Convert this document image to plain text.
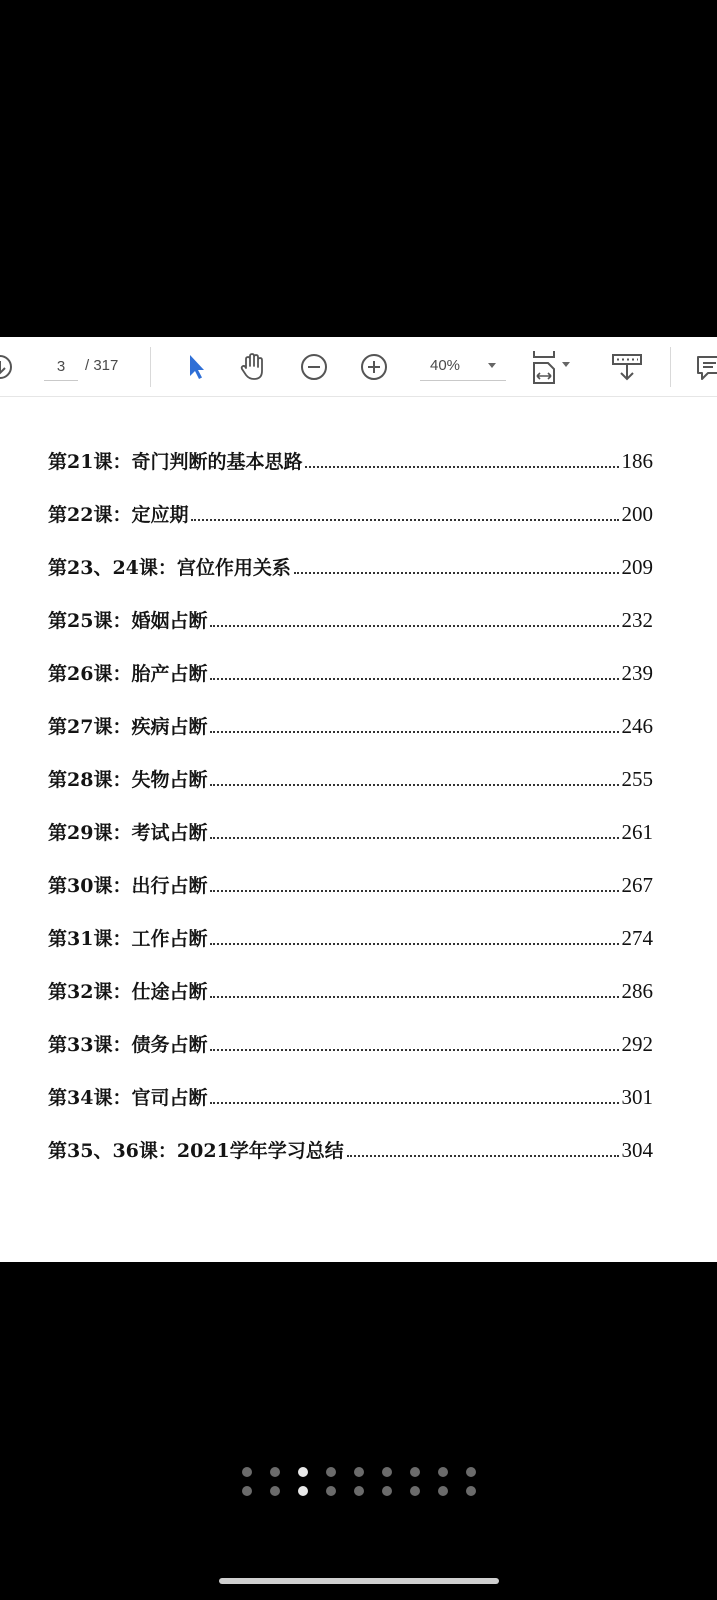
3
/ 317	40%
第21课：奇门判断的基本思路	186
第22课：定应期	200
第23、24课：宫位作用关系	209
第25课：婚姻占断	232
第26课：胎产占断	239
第27课：疾病占断	246
第28课：失物占断	255
第29课：考试占断	261
第30课：出行占断	267
第31课：工作占断	274
第32课：仕途占断	286
第33课：债务占断	292
第34课：官司占断	301
第35、36课：2021学年学习总结	304
